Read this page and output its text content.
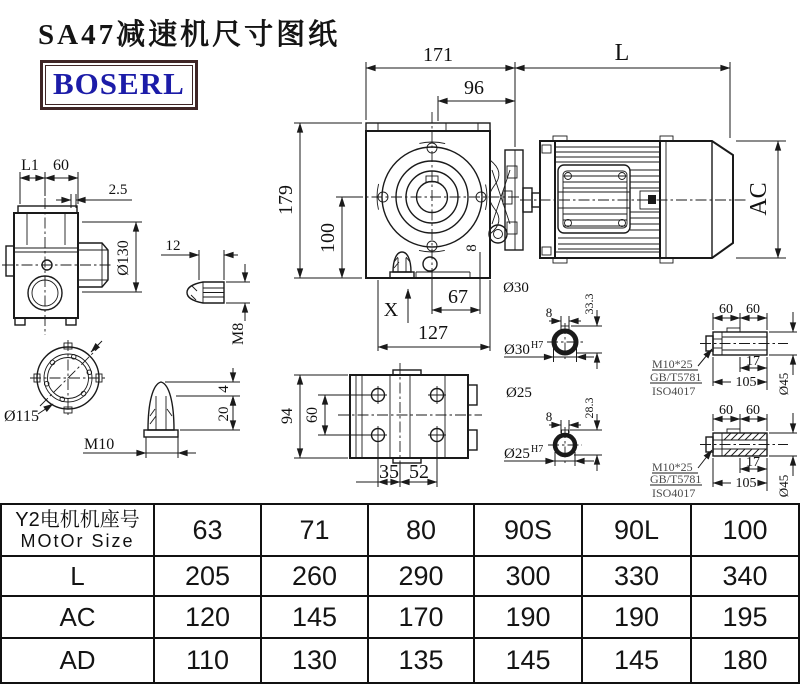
171	L
96
179
100
AC
67
127
X
Ø30
8
L1 60
2.5
Ø130 12
M8
Ø115
M10
4
20	94 60
35 52
8 33.3
Ø30 H7
Ø25
8 28.3
Ø25 H7
60 60
M10*25
GB/T5781
ISO4017
17
105 Ø45
60 60
M10*25
GB/T5781
ISO4017
17
105 Ø45
SA47减速机尺寸图纸
BOSERL
Y2电机机座号
MOtOr Size 63	71	80	90S 90L 100
L	205 260 290 300 330 340
AC	120 145 170 190 190 195
AD	110 130 135 145 145 180
